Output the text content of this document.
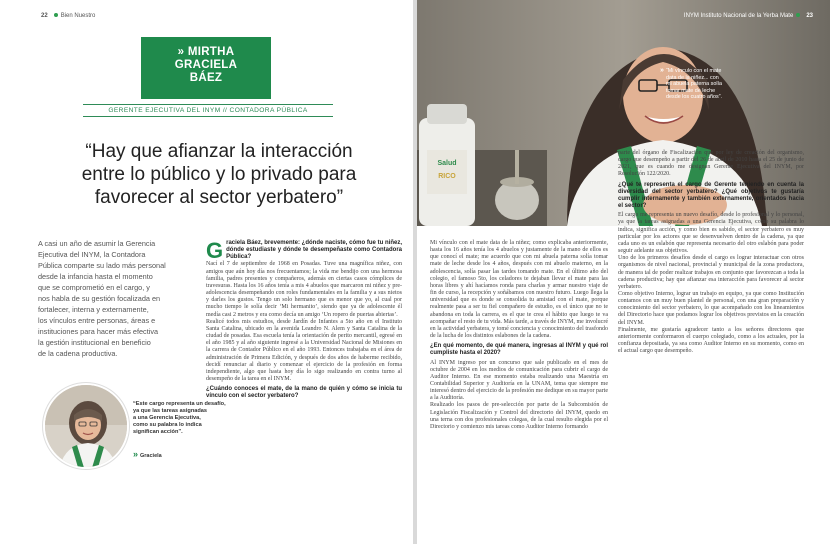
22 Bien Nuestro
» MIRTHA
GRACIELA
BÁEZ
GERENTE EJECUTIVA DEL INYM // CONTADORA PÚBLICA
“Hay que afianzar la interacción
entre lo público y lo privado para
favorecer al sector yerbatero”
A casi un año de asumir la Gerencia
Ejecutiva del INYM, la Contadora
Pública comparte su lado más personal
desde la infancia hasta el momento
que se comprometió en el cargo, y
nos habla de su gestión focalizada en
fortalecer, interna y externamente,
los vínculos entre personas, áreas e
instituciones para hacer más efectiva
la gestión institucional en beneficio
de la cadena productiva.
“Este cargo representa un desafío,
ya que las tareas asignadas
a una Gerencia Ejecutiva,
como su palabra lo indica
significan acción”.
» Graciela

Graciela Báez, brevemente: ¿dónde naciste, cómo fue tu niñez, dónde estudiaste y dónde te desempeñaste como Contadora Pública?

Nací el 7 de septiembre de 1968 en Posadas. Tuve una magnífica niñez, con amigos que aún hoy día nos frecuentamos; la vida me bendijo con una hermosa familia, padres presentes y compañeros, además en ciertas casos cómplices de travesuras. Hasta los 16 años tenía a mis 4 abuelos que marcaron mi niñez y pre-adolescencia desempeñando con roles fundamentales en la familia y a sus nietos y darles los gustos. Tengo un solo hermano que es menor que yo, al cual por mucho tiempo le solía decir ‘Mi hermanito’, siendo que ya de adolescente él medía casi 2 metros y era como decía un amigo ‘Un ropero de puertas abiertas’.

Realicé todos mis estudios, desde Jardín de Infantes a 5to año en el Instituto Santa Catalina, ubicado en la avenida Leandro N. Alem y Santa Catalina de la ciudad de posadas. Esa escuela tenía la orientación de perito mercantil, egresé en el año 1985 y al año siguiente ingresé a la Universidad Nacional de Misiones en la carrera de Contador Público en el año 1993. Entonces trabajaba en el área de administración de Primera Edición, y después de dos años de haberme recibido, decidí renunciar al diario y comenzar el ejercicio de la profesión en forma independiente, algo que hasta hoy día lo sigo realizando en contra turno al desempeño de la tarea en el INYM.

¿Cuándo conoces el mate, de la mano de quién y cómo se inicia tu vínculo con el sector yerbatero?

Salud
RICO
INYM Instituto Nacional de la Yerba Mate 23
» “Mi vínculo con el mate
data de la niñez... con
mi abuela paterna solía
tomar mate de leche
desde los cuatro años”.

Mi vínculo con el mate data de la niñez; como explicaba anteriormente, hasta los 16 años tenía los 4 abuelos y justamente de la mano de ellos es que conocí el mate; me acuerdo que con mi abuela paterna solía tomar mate de leche desde los 4 años, después con mi abuelo materno, en la adolescencia, solía pasar las tardes tomando mate. En el último año del colegio, el famoso 5to, los celadores te dejaban llevar el mate para las horas libres y ahí hacíamos ronda para charlas y armar nuestro viaje de fin de curso, la recepción y soñábamos con nuestro futuro. Luego llega la universidad que es donde se consolida tu amistad con el mate, porque realmente pasa a ser tu fiel compañero de estudio, es el único que no te abandona en toda la carrera, es el que te crea el hábito que luego te va acompañar el resto de tu vida. Más tarde, a través de INYM, me involucré en la actividad yerbatera, y tomé conciencia y conocimiento del trasfondo de la lucha de los distintos eslabones de la cadena.

¿En qué momento, de qué manera, ingresas al INYM y qué rol cumpliste hasta el 2020?

Al INYM ingreso por un concurso que sale publicado en el mes de octubre de 2004 en los medios de comunicación para cubrir el cargo de Auditor Interno. En ese momento estaba realizando una Maestría en Contabilidad Superior y Auditoría en la UNAM, tema que siempre me interesó dentro del ejercicio de la profesión me dedique en su mayor parte a la Auditoría.

Realizado los pasos de pre-selección por parte de la Subcomisión de Legislación Fiscalización y Control del directorio del INYM, quedo en una terna con dos profesionales colegas, de la cual resulto elegida por el Directorio y comienzo mis tareas como Auditor Interno formando

parte del órgano de Fiscalización que por ley de creación del organismo, cargo que desempeño a partir del 26 de abril de 2010 hasta el 25 de junio de 2021, que es cuando me designan Gerente Ejecutiva del INYM, por Resolución 122/2020.

¿Qué te representa el cargo de Gerente teniendo en cuenta la diversidad del sector yerbatero? ¿Qué objetivos te gustaría cumplir internamente y también externamente, orientados hacia el sector?

El cargo me representa un nuevo desafío, desde lo profesional y lo personal, ya que la tareas asignadas a una Gerencia Ejecutiva, como su palabra lo indica, significa acción, y como bien es sabido, el sector yerbatero es muy particular por los actores que se desenvuelven dentro de la cadena, ya que cada uno es un eslabón que representa necesario del otro eslabón para poder seguir adelante sus objetivos.

Uno de los primeros desafíos desde el cargo es lograr interactuar con otros organismos de nivel nacional, provincial y municipal de la zona productora, de manera tal de poder realizar trabajos en conjunto que favorezcan a toda la cadena productiva; hay que afianzar esa interacción para favorecer al sector yerbatero.

Como objetivo Interno, lograr un trabajo en equipo, ya que como Institución contamos con un muy buen plantel de personal, con una gran preparación y conocimiento del sector yerbatero, lo que acompañado con los lineamientos del Directorio hace que podamos lograr los objetivos previstos en la creación del INYM.

Finalmente, me gustaría agradecer tanto a los señores directores que anteriormente conformaron el cuerpo colegiado, como a los actuales, por la confianza depositada, ya sea como Auditor Interno en su momento, como en el actual cargo que desempeño.
